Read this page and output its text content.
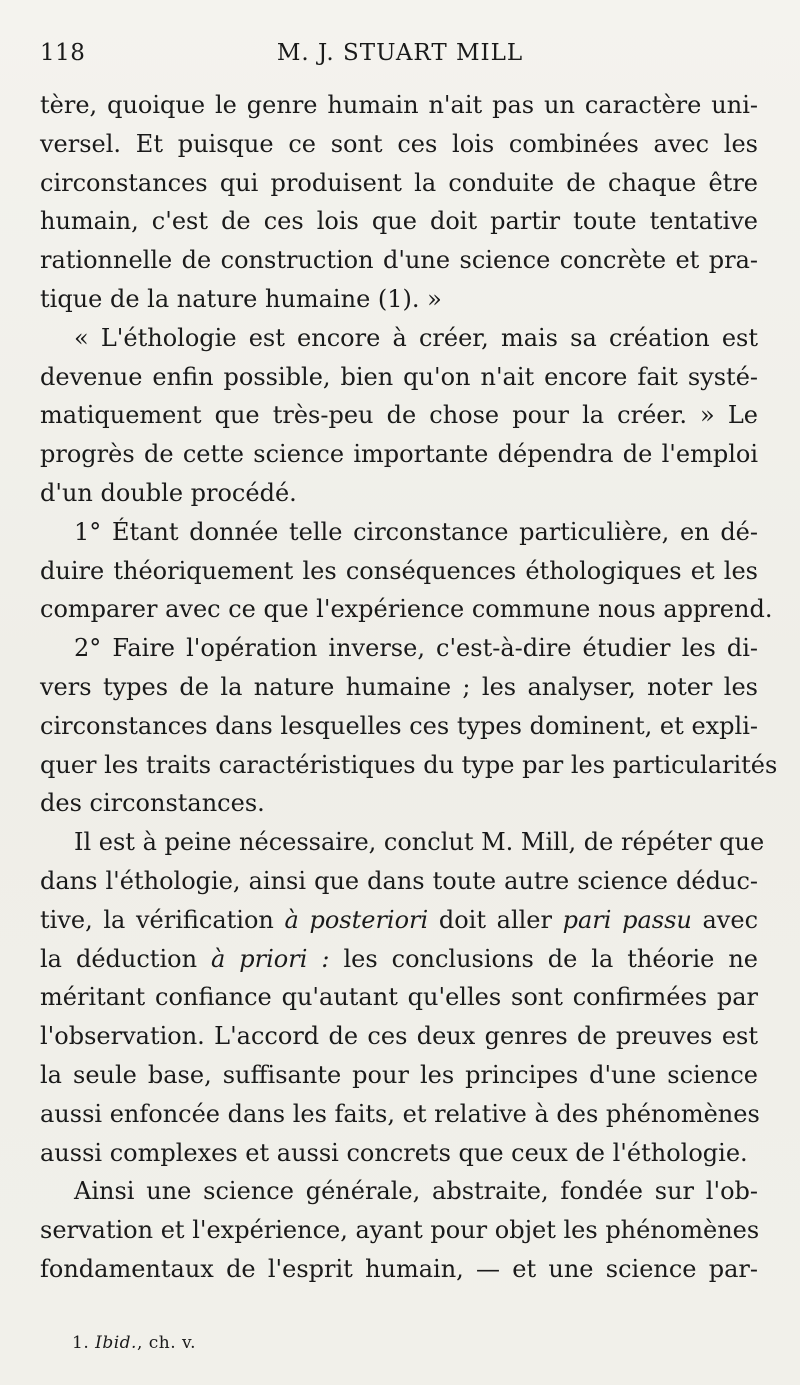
118	M. J. STUART MILL
tère, quoique le genre humain n'ait pas un caractère uni-
versel. Et puisque ce sont ces lois combinées avec les
circonstances qui produisent la conduite de chaque être
humain, c'est de ces lois que doit partir toute tentative
rationnelle de construction d'une science concrète et pra-
tique de la nature humaine (1). »
« L'éthologie est encore à créer, mais sa création est
devenue enfin possible, bien qu'on n'ait encore fait systé-
matiquement que très-peu de chose pour la créer. » Le
progrès de cette science importante dépendra de l'emploi
d'un double procédé.
1° Étant donnée telle circonstance particulière, en dé-
duire théoriquement les conséquences éthologiques et les
comparer avec ce que l'expérience commune nous apprend.
2° Faire l'opération inverse, c'est-à-dire étudier les di-
vers types de la nature humaine ; les analyser, noter les
circonstances dans lesquelles ces types dominent, et expli-
quer les traits caractéristiques du type par les particularités
des circonstances.
Il est à peine nécessaire, conclut M. Mill, de répéter que
dans l'éthologie, ainsi que dans toute autre science déduc-
tive, la vérification à posteriori doit aller pari passu avec
la déduction à priori : les conclusions de la théorie ne
méritant confiance qu'autant qu'elles sont confirmées par
l'observation. L'accord de ces deux genres de preuves est
la seule base, suffisante pour les principes d'une science
aussi enfoncée dans les faits, et relative à des phénomènes
aussi complexes et aussi concrets que ceux de l'éthologie.
Ainsi une science générale, abstraite, fondée sur l'ob-
servation et l'expérience, ayant pour objet les phénomènes
fondamentaux de l'esprit humain, — et une science par-
1. Ibid., ch. v.
